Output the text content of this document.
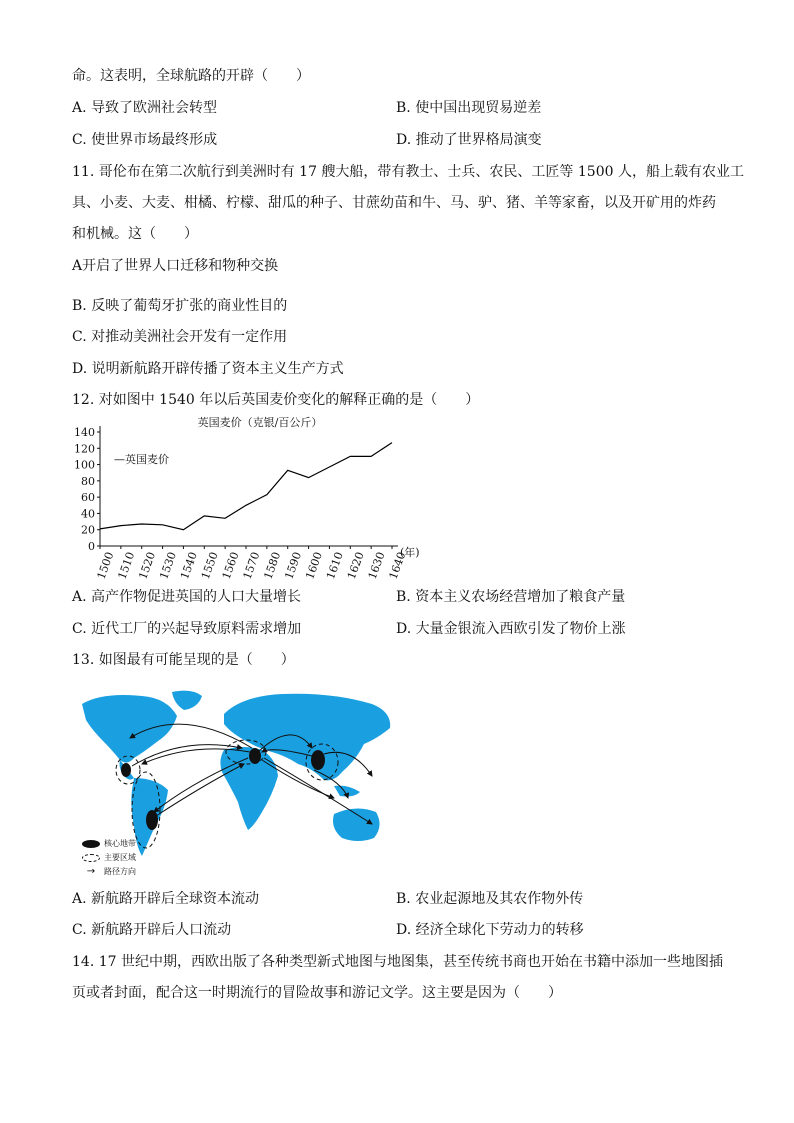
命。这表明，全球航路的开辟（　　）
A. 导致了欧洲社会转型	B. 使中国出现贸易逆差
C. 使世界市场最终形成	D. 推动了世界格局演变
11. 哥伦布在第二次航行到美洲时有 17 艘大船，带有教士、士兵、农民、工匠等 1500 人，船上载有农业工
具、小麦、大麦、柑橘、柠檬、甜瓜的种子、甘蔗幼苗和牛、马、驴、猪、羊等家畜，以及开矿用的炸药
和机械。这（　　）
A开启了世界人口迁移和物种交换
B. 反映了葡萄牙扩张的商业性目的
C. 对推动美洲社会开发有一定作用
D. 说明新航路开辟传播了资本主义生产方式
12. 对如图中 1540 年以后英国麦价变化的解释正确的是（　　）
英国麦价（克银/百公斤）
—英国麦价
0
20
40
60
80
100
120
140
1500 1510 1520 1530 1540 1550 1560 1570 1580 1590 1600 1610 1620 1630 1640
(年)
A. 高产作物促进英国的人口大量增长	B. 资本主义农场经营增加了粮食产量
C. 近代工厂的兴起导致原料需求增加	D. 大量金银流入西欧引发了物价上涨
13. 如图最有可能呈现的是（　　）
核心地带
主要区域
→ 路径方向
A. 新航路开辟后全球资本流动	B. 农业起源地及其农作物外传
C. 新航路开辟后人口流动	D. 经济全球化下劳动力的转移
14. 17 世纪中期，西欧出版了各种类型新式地图与地图集，甚至传统书商也开始在书籍中添加一些地图插
页或者封面，配合这一时期流行的冒险故事和游记文学。这主要是因为（　　）
